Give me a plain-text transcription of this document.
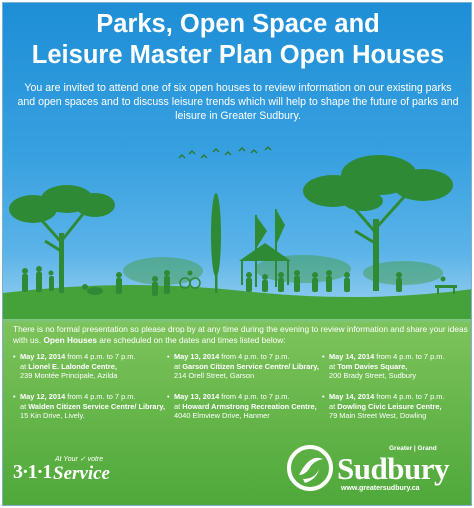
Parks, Open Space and
Leisure Master Plan Open Houses
You are invited to attend one of six open houses to review information on our existing parks and open spaces and to discuss leisure trends which will help to shape the future of parks and leisure in Greater Sudbury.
There is no formal presentation so please drop by at any time during the evening to review information and share your ideas with us. Open Houses are scheduled on the dates and times listed below:
• May 12, 2014 from 4 p.m. to 7 p.m.
at Lionel E. Lalonde Centre,
239 Montée Principale, Azilda
• May 13, 2014 from 4 p.m. to 7 p.m.
at Garson Citizen Service Centre/ Library, 214 Orell Street, Garson
• May 14, 2014 from 4 p.m. to 7 p.m.
at Tom Davies Square,
200 Brady Street, Sudbury
• May 12, 2014 from 4 p.m. to 7 p.m.
at Walden Citizen Service Centre/ Library, 15 Kin Drive, Lively.
• May 13, 2014 from 4 p.m. to 7 p.m.
at Howard Armstrong Recreation Centre, 4040 Elmview Drive, Hanmer
• May 14, 2014 from 4 p.m. to 7 p.m.
at Dowling Civic Leisure Centre,
79 Main Street West, Dowling
3·1·1
At Your ✓ votre
Service
Greater | Grand
Sudbury
www.greatersudbury.ca
